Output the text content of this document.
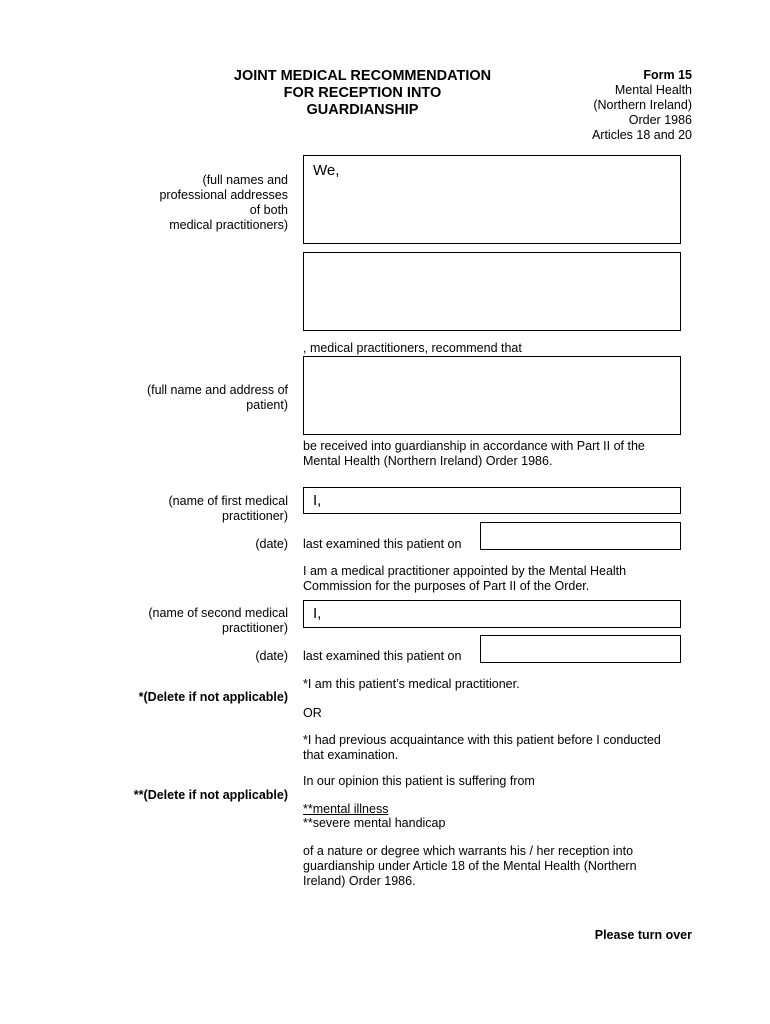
JOINT MEDICAL RECOMMENDATION
FOR RECEPTION INTO
GUARDIANSHIP
Form 15
Mental Health
(Northern Ireland)
Order 1986
Articles 18 and 20
(full names and
professional addresses
of both
medical practitioners)
We,
, medical practitioners, recommend that
(full name and address of
patient)
be received into guardianship in accordance with Part II of the
Mental Health (Northern Ireland) Order 1986.
(name of first medical
practitioner)
I,
(date) last examined this patient on
I am a medical practitioner appointed by the Mental Health
Commission for the purposes of Part II of the Order.
(name of second medical
practitioner)
I,
(date) last examined this patient on
*(Delete if not applicable)
*I am this patient’s medical practitioner.
OR
*I had previous acquaintance with this patient before I conducted
that examination.
In our opinion this patient is suffering from
**(Delete if not applicable)
**mental illness
**severe mental handicap
of a nature or degree which warrants his / her reception into
guardianship under Article 18 of the Mental Health (Northern
Ireland) Order 1986.
Please turn over
